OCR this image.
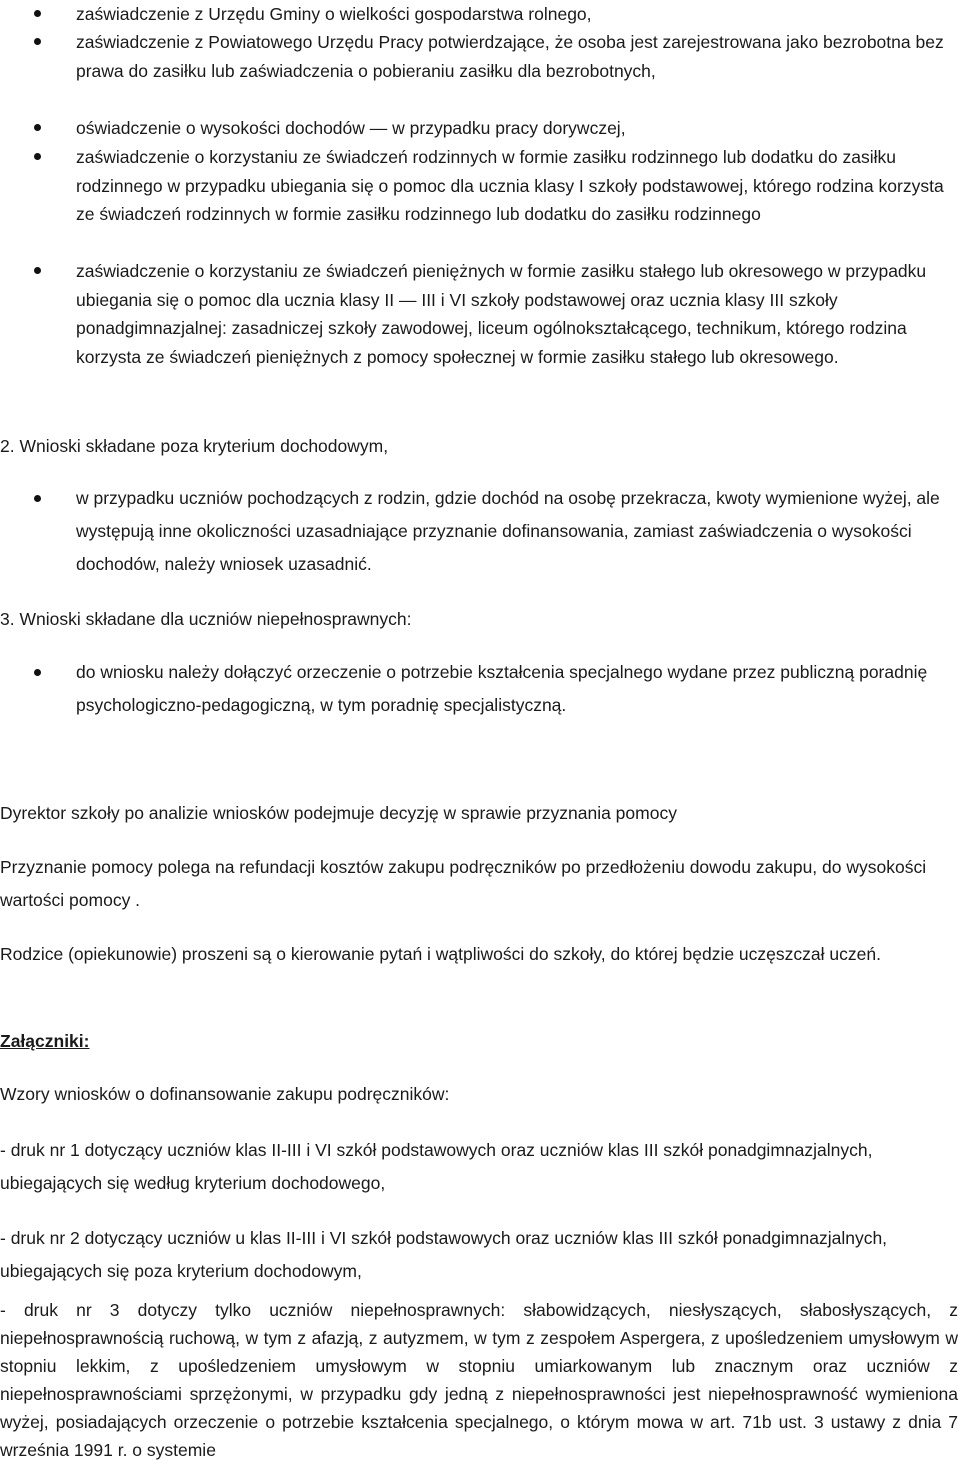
zaświadczenie z Urzędu Gminy o wielkości gospodarstwa rolnego,
zaświadczenie z Powiatowego Urzędu Pracy potwierdzające, że osoba jest zarejestrowana jako bezrobotna bez prawa do zasiłku lub zaświadczenia o pobieraniu zasiłku dla bezrobotnych,
oświadczenie o wysokości dochodów — w przypadku pracy dorywczej,
zaświadczenie o korzystaniu ze świadczeń rodzinnych w formie zasiłku rodzinnego lub dodatku do zasiłku rodzinnego w przypadku ubiegania się o pomoc dla ucznia klasy I szkoły podstawowej, którego rodzina korzysta ze świadczeń rodzinnych w formie zasiłku rodzinnego lub dodatku do zasiłku rodzinnego
zaświadczenie o korzystaniu ze świadczeń pieniężnych w formie zasiłku stałego lub okresowego w przypadku ubiegania się o pomoc dla ucznia klasy II — III i VI szkoły podstawowej oraz ucznia klasy III szkoły ponadgimnazjalnej: zasadniczej szkoły zawodowej, liceum ogólnokształcącego, technikum, którego rodzina korzysta ze świadczeń pieniężnych z pomocy społecznej w formie zasiłku stałego lub okresowego.
2. Wnioski składane poza kryterium dochodowym,
w przypadku uczniów pochodzących z rodzin, gdzie dochód na osobę przekracza, kwoty wymienione wyżej, ale występują inne okoliczności uzasadniające przyznanie dofinansowania, zamiast zaświadczenia o wysokości dochodów, należy wniosek uzasadnić.
3. Wnioski składane dla uczniów niepełnosprawnych:
do wniosku należy dołączyć orzeczenie o potrzebie kształcenia specjalnego wydane przez publiczną poradnię psychologiczno-pedagogiczną, w tym poradnię specjalistyczną.
Dyrektor szkoły po analizie wniosków podejmuje decyzję w sprawie przyznania pomocy
Przyznanie pomocy polega na refundacji kosztów zakupu podręczników po przedłożeniu dowodu zakupu, do wysokości wartości pomocy .
Rodzice (opiekunowie) proszeni są o kierowanie pytań i wątpliwości do szkoły, do której będzie uczęszczał uczeń.
Załączniki:
Wzory wniosków o dofinansowanie zakupu podręczników:
- druk nr 1 dotyczący uczniów klas II-III i VI szkół podstawowych oraz uczniów klas III szkół ponadgimnazjalnych, ubiegających się według kryterium dochodowego,
- druk nr 2 dotyczący uczniów u klas II-III i VI szkół podstawowych oraz uczniów klas III szkół ponadgimnazjalnych, ubiegających się poza kryterium dochodowym,
- druk nr 3 dotyczy tylko uczniów niepełnosprawnych: słabowidzących, niesłyszących, słabosłyszących, z niepełnosprawnością ruchową, w tym z afazją, z autyzmem, w tym z zespołem Aspergera, z upośledzeniem umysłowym w stopniu lekkim, z upośledzeniem umysłowym w stopniu umiarkowanym lub znacznym oraz uczniów z niepełnosprawnościami sprzężonymi, w przypadku gdy jedną z niepełnosprawności jest niepełnosprawność wymieniona wyżej, posiadających orzeczenie o potrzebie kształcenia specjalnego, o którym mowa w art. 71b ust. 3 ustawy z dnia 7 września 1991 r. o systemie
